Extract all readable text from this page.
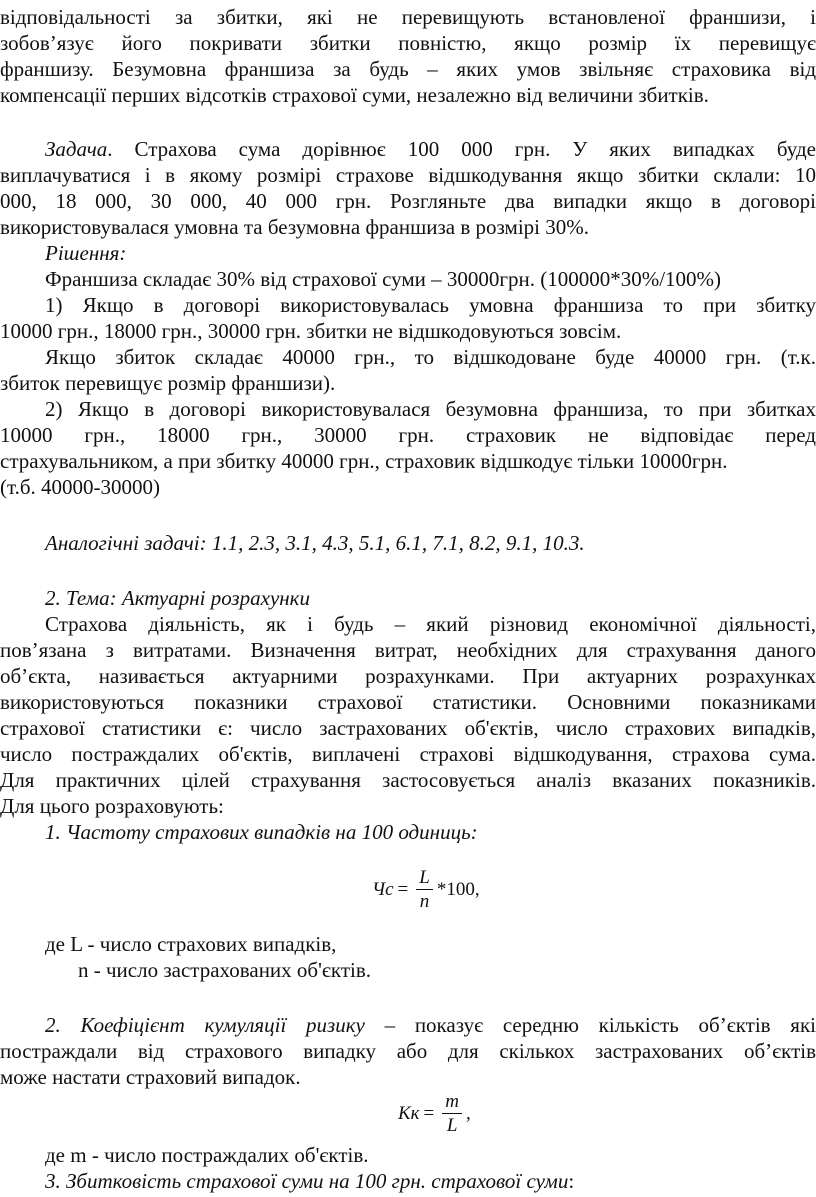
відповідальності за збитки, які не перевищують встановленої франшизи, і
зобов’язує його покривати збитки повністю, якщо розмір їх перевищує
франшизу. Безумовна франшиза за будь – яких умов звільняє страховика від
компенсації перших відсотків страхової суми, незалежно від величини збитків.
Задача. Страхова сума дорівнює 100 000 грн. У яких випадках буде
виплачуватися і в якому розмірі страхове відшкодування якщо збитки склали: 10
000, 18 000, 30 000, 40 000 грн. Розгляньте два випадки якщо в договорі
використовувалася умовна та безумовна франшиза в розмірі 30%.
Рішення:
Франшиза складає 30% від страхової суми – 30000грн. (100000*30%/100%)
1) Якщо в договорі використовувалась умовна франшиза то при збитку
10000 грн., 18000 грн., 30000 грн. збитки не відшкодовуються зовсім.
Якщо збиток складає 40000 грн., то відшкодоване буде 40000 грн. (т.к.
збиток перевищує розмір франшизи).
2) Якщо в договорі використовувалася безумовна франшиза, то при збитках
10000 грн., 18000 грн., 30000 грн. страховик не відповідає перед
страхувальником, а при збитку 40000 грн., страховик відшкодує тільки 10000грн.
(т.б. 40000-30000)
Аналогічні задачі: 1.1, 2.3, 3.1, 4.3, 5.1, 6.1, 7.1, 8.2, 9.1, 10.3.
2. Тема: Актуарні розрахунки
Страхова діяльність, як і будь – який різновид економічної діяльності,
пов’язана з витратами. Визначення витрат, необхідних для страхування даного
об’єкта, називається актуарними розрахунками. При актуарних розрахунках
використовуються показники страхової статистики. Основними показниками
страхової статистики є: число застрахованих об'єктів, число страхових випадків,
число постраждалих об'єктів, виплачені страхові відшкодування, страхова сума.
Для практичних цілей страхування застосовується аналіз вказаних показників.
Для цього розраховують:
1. Частоту страхових випадків на 100 одиниць:
Чс = $\frac{L}{n} *100$ ,
де L - число страхових випадків,
n - число застрахованих об'єктів.
2. Коефіцієнт кумуляції ризику – показує середню кількість об’єктів які
постраждали від страхового випадку або для скількох застрахованих об’єктів
може настати страховий випадок.
Кк = $\frac{m}{L}$ ,
де m - число постраждалих об'єктів.
3. Збитковість страхової суми на 100 грн. страхової суми:
